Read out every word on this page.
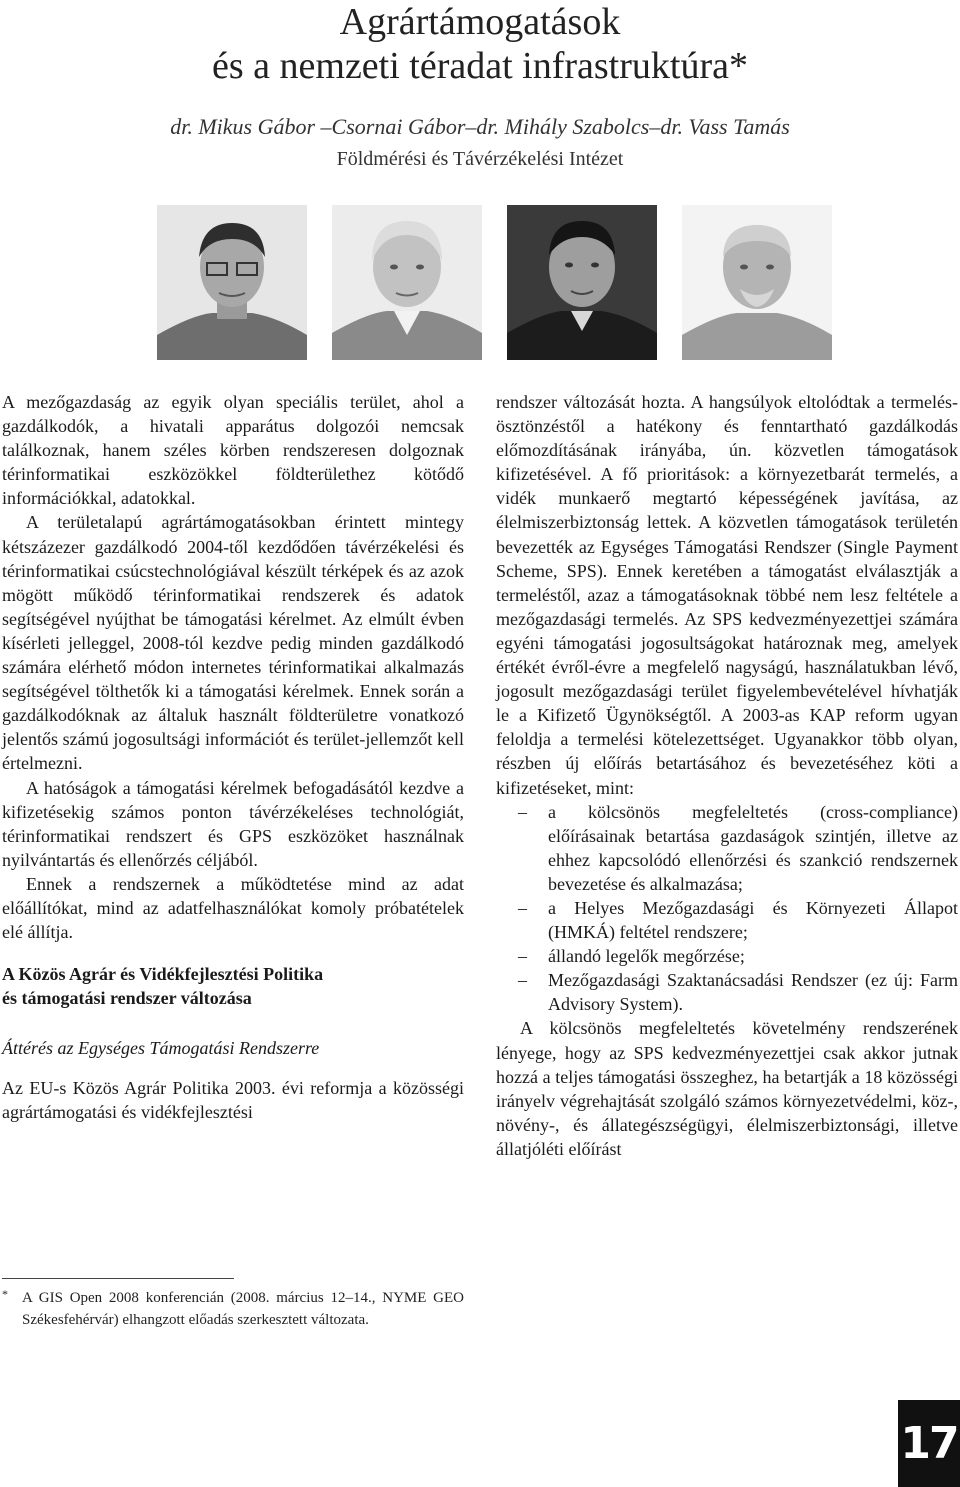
Agrártámogatások
és a nemzeti téradat infrastruktúra*
dr. Mikus Gábor –Csornai Gábor–dr. Mihály Szabolcs–dr. Vass Tamás
Földmérési és Távérzékelési Intézet

A mezőgazdaság az egyik olyan speciális terület, ahol a gazdálkodók, a hivatali apparátus dolgozói nemcsak találkoznak, hanem széles körben rendszeresen dolgoznak térinformatikai eszközökkel földterülethez kötődő információkkal, adatokkal.

A területalapú agrártámogatásokban érintett mintegy kétszázezer gazdálkodó 2004-től kezdődően távérzékelési és térinformatikai csúcstechnológiával készült térképek és az azok mögött működő térinformatikai rendszerek és adatok segítségével nyújthat be támogatási kérelmet. Az elmúlt évben kísérleti jelleggel, 2008-tól kezdve pedig minden gazdálkodó számára elérhető módon internetes térinformatikai alkalmazás segítségével tölthetők ki a támogatási kérelmek. Ennek során a gazdálkodóknak az általuk használt földterületre vonatkozó jelentős számú jogosultsági információt és terület-jellemzőt kell értelmezni.

A hatóságok a támogatási kérelmek befogadásától kezdve a kifizetésekig számos ponton távérzékeléses technológiát, térinformatikai rendszert és GPS eszközöket használnak nyilvántartás és ellenőrzés céljából.

Ennek a rendszernek a működtetése mind az adat előállítókat, mind az adatfelhasználókat komoly próbatételek elé állítja.

A Közös Agrár és Vidékfejlesztési Politika
és támogatási rendszer változása
Áttérés az Egységes Támogatási Rendszerre

Az EU-s Közös Agrár Politika 2003. évi reformja a közösségi agrártámogatási és vidékfejlesztési

rendszer változását hozta. A hangsúlyok eltolódtak a termelés-ösztönzéstől a hatékony és fenntartható gazdálkodás előmozdításának irányába, ún. közvetlen támogatások kifizetésével. A fő prioritások: a környezetbarát termelés, a vidék munkaerő megtartó képességének javítása, az élelmiszerbiztonság lettek. A közvetlen támogatások területén bevezették az Egységes Támogatási Rendszer (Single Payment Scheme, SPS). Ennek keretében a támogatást elválasztják a termeléstől, azaz a támogatásoknak többé nem lesz feltétele a mezőgazdasági termelés. Az SPS kedvezményezettjei számára egyéni támogatási jogosultságokat határoznak meg, amelyek értékét évről-évre a megfelelő nagyságú, használatukban lévő, jogosult mezőgazdasági terület figyelembevételével hívhatják le a Kifizető Ügynökségtől. A 2003-as KAP reform ugyan feloldja a termelési kötelezettséget. Ugyanakkor több olyan, részben új előírás betartásához és bevezetéséhez köti a kifizetéseket, mint:

– a kölcsönös megfeleltetés (cross-compliance) előírásainak betartása gazdaságok szintjén, illetve az ehhez kapcsolódó ellenőrzési és szankció rendszernek bevezetése és alkalmazása;
– a Helyes Mezőgazdasági és Környezeti Állapot (HMKÁ) feltétel rendszere;
– állandó legelők megőrzése;
– Mezőgazdasági Szaktanácsadási Rendszer (ez új: Farm Advisory System).

A kölcsönös megfeleltetés követelmény rendszerének lényege, hogy az SPS kedvezményezettjei csak akkor jutnak hozzá a teljes támogatási összeghez, ha betartják a 18 közösségi irányelv végrehajtását szolgáló számos környezetvédelmi, köz-, növény-, és állategészségügyi, élelmiszerbiztonsági, illetve állatjóléti előírást

* A GIS Open 2008 konferencián (2008. március 12–14., NYME GEO Székesfehérvár) elhangzott előadás szerkesztett változata.
17
